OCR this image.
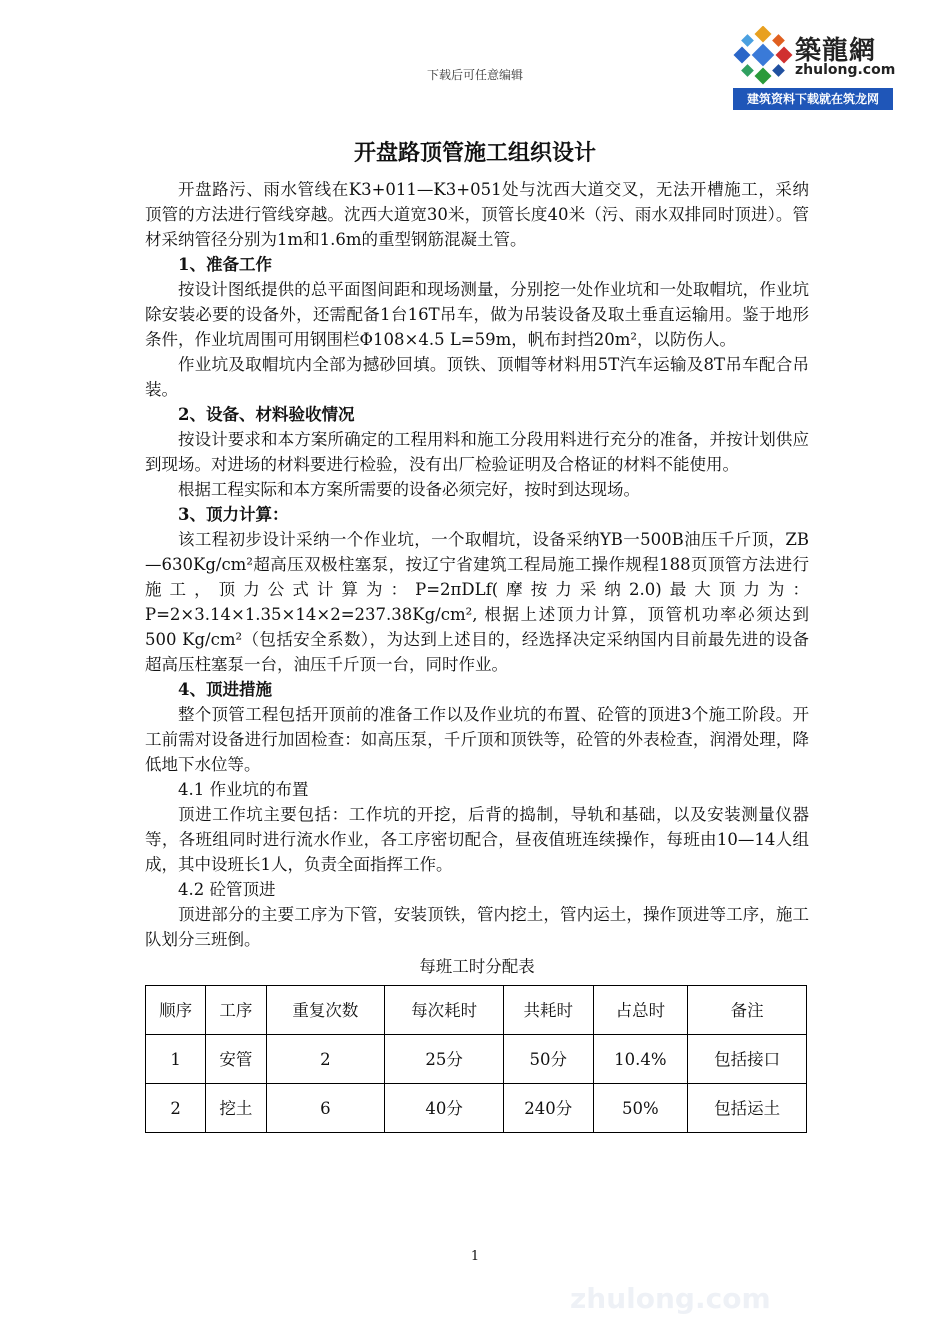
下载后可任意编辑
築龍網
zhulong.com
建筑资料下载就在筑龙网
开盘路顶管施工组织设计

开盘路污、雨水管线在K3+011—K3+051处与沈西大道交叉，无法开槽施工，采纳顶管的方法进行管线穿越。沈西大道宽30米，顶管长度40米（污、雨水双排同时顶进）。管材采纳管径分别为1m和1.6m的重型钢筋混凝土管。

1、准备工作

按设计图纸提供的总平面图间距和现场测量，分别挖一处作业坑和一处取帽坑，作业坑除安装必要的设备外，还需配备1台16T吊车，做为吊装设备及取土垂直运输用。鉴于地形条件，作业坑周围可用钢围栏Φ108×4.5 L=59m，帆布封挡20m²，以防伤人。

作业坑及取帽坑内全部为撼砂回填。顶铁、顶帽等材料用5T汽车运输及8T吊车配合吊装。

2、设备、材料验收情况

按设计要求和本方案所确定的工程用料和施工分段用料进行充分的准备，并按计划供应到现场。对进场的材料要进行检验，没有出厂检验证明及合格证的材料不能使用。

根据工程实际和本方案所需要的设备必须完好，按时到达现场。

3、顶力计算：

该工程初步设计采纳一个作业坑，一个取帽坑，设备采纳YB一500B油压千斤顶，ZB—630Kg/cm²超高压双极柱塞泵，按辽宁省建筑工程局施工操作规程188页顶管方法进行施工，顶力公式计算为：P=2πDLf(摩按力采纳2.0)最大顶力为：P=2×3.14×1.35×14×2=237.38Kg/cm², 根据上述顶力计算，顶管机功率必须达到500 Kg/cm²（包括安全系数），为达到上述目的，经选择决定采纳国内目前最先进的设备超高压柱塞泵一台，油压千斤顶一台，同时作业。

4、顶进措施

整个顶管工程包括开顶前的准备工作以及作业坑的布置、砼管的顶进3个施工阶段。开工前需对设备进行加固检查：如高压泵，千斤顶和顶铁等，砼管的外表检查，润滑处理，降低地下水位等。

4.1 作业坑的布置

顶进工作坑主要包括：工作坑的开挖，后背的捣制，导轨和基础，以及安装测量仪器等，各班组同时进行流水作业，各工序密切配合，昼夜值班连续操作，每班由10—14人组成，其中设班长1人，负责全面指挥工作。

4.2 砼管顶进

顶进部分的主要工序为下管，安装顶铁，管内挖土，管内运土，操作顶进等工序，施工队划分三班倒。

每班工时分配表
顺序	工序	重复次数	每次耗时	共耗时	占总时	备注
1	安管	2	25分	50分	10.4%	包括接口
2	挖土	6	40分	240分	50%	包括运土
1
zhulong.com
